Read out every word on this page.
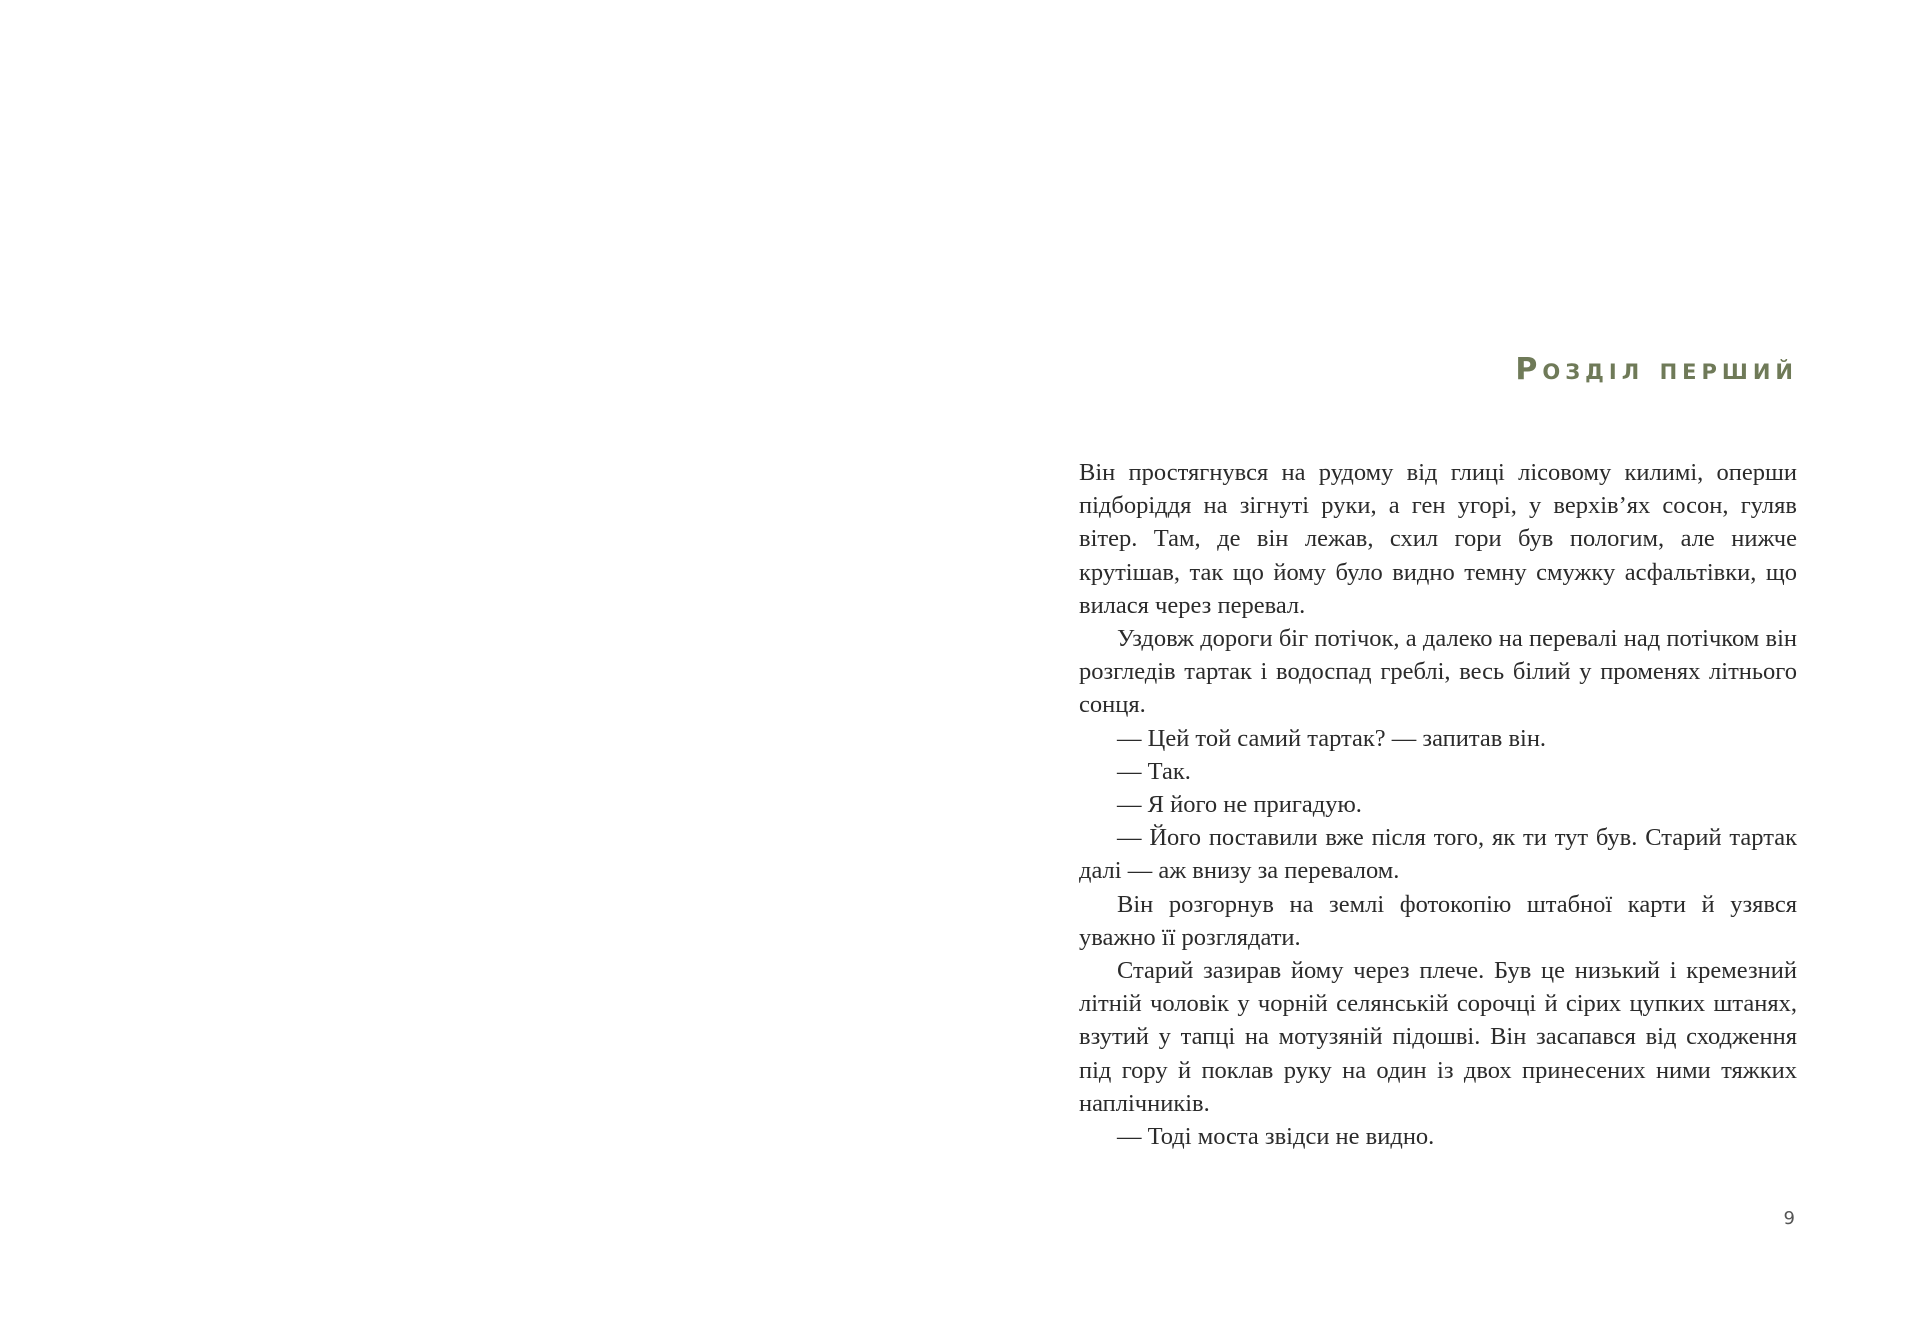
Розділ перший

Він простягнувся на рудому від глиці лісовому килимі, оперши підборіддя на зігнуті руки, а ген угорі, у верхів’ях сосон, гуляв вітер. Там, де він лежав, схил гори був пологим, але нижче крутішав, так що йому було видно темну смужку асфальтівки, що вилася через перевал.

Уздовж дороги біг потічок, а далеко на перевалі над потічком він розгледів тартак і водоспад греблі, весь білий у променях літнього сонця.

— Цей той самий тартак? — запитав він.

— Так.

— Я його не пригадую.

— Його поставили вже після того, як ти тут був. Старий тартак далі — аж внизу за перевалом.

Він розгорнув на землі фотокопію штабної карти й узявся уважно її розглядати.

Старий зазирав йому через плече. Був це низький і кремезний літній чоловік у чорній селянській сорочці й сірих цупких штанях, взутий у тапці на мотузяній підошві. Він засапався від сходження під гору й поклав руку на один із двох принесених ними тяжких наплічників.

— Тоді моста звідси не видно.

9
